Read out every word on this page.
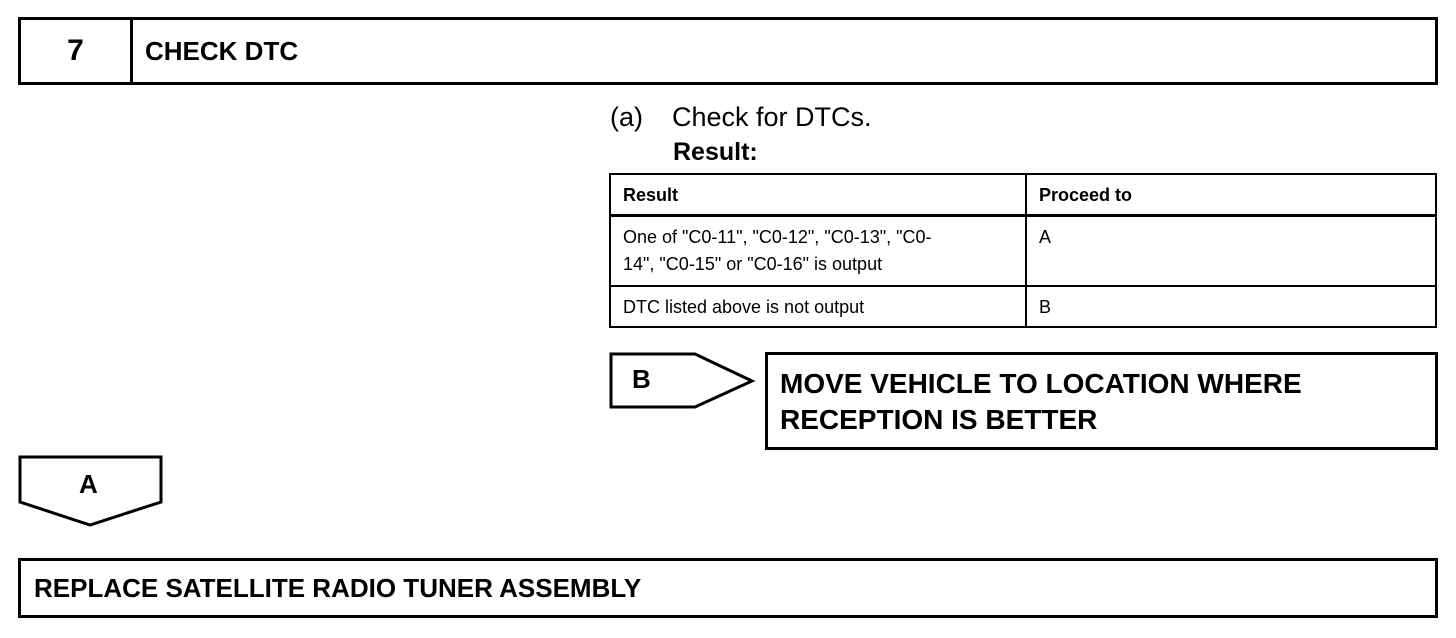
7	CHECK DTC
(a) Check for DTCs.
Result:
Result	Proceed to
One of "C0-11", "C0-12", "C0-13", "C0-
14", "C0-15" or "C0-16" is output	A
DTC listed above is not output	B
B	MOVE VEHICLE TO LOCATION WHERE
RECEPTION IS BETTER
A
REPLACE SATELLITE RADIO TUNER ASSEMBLY
